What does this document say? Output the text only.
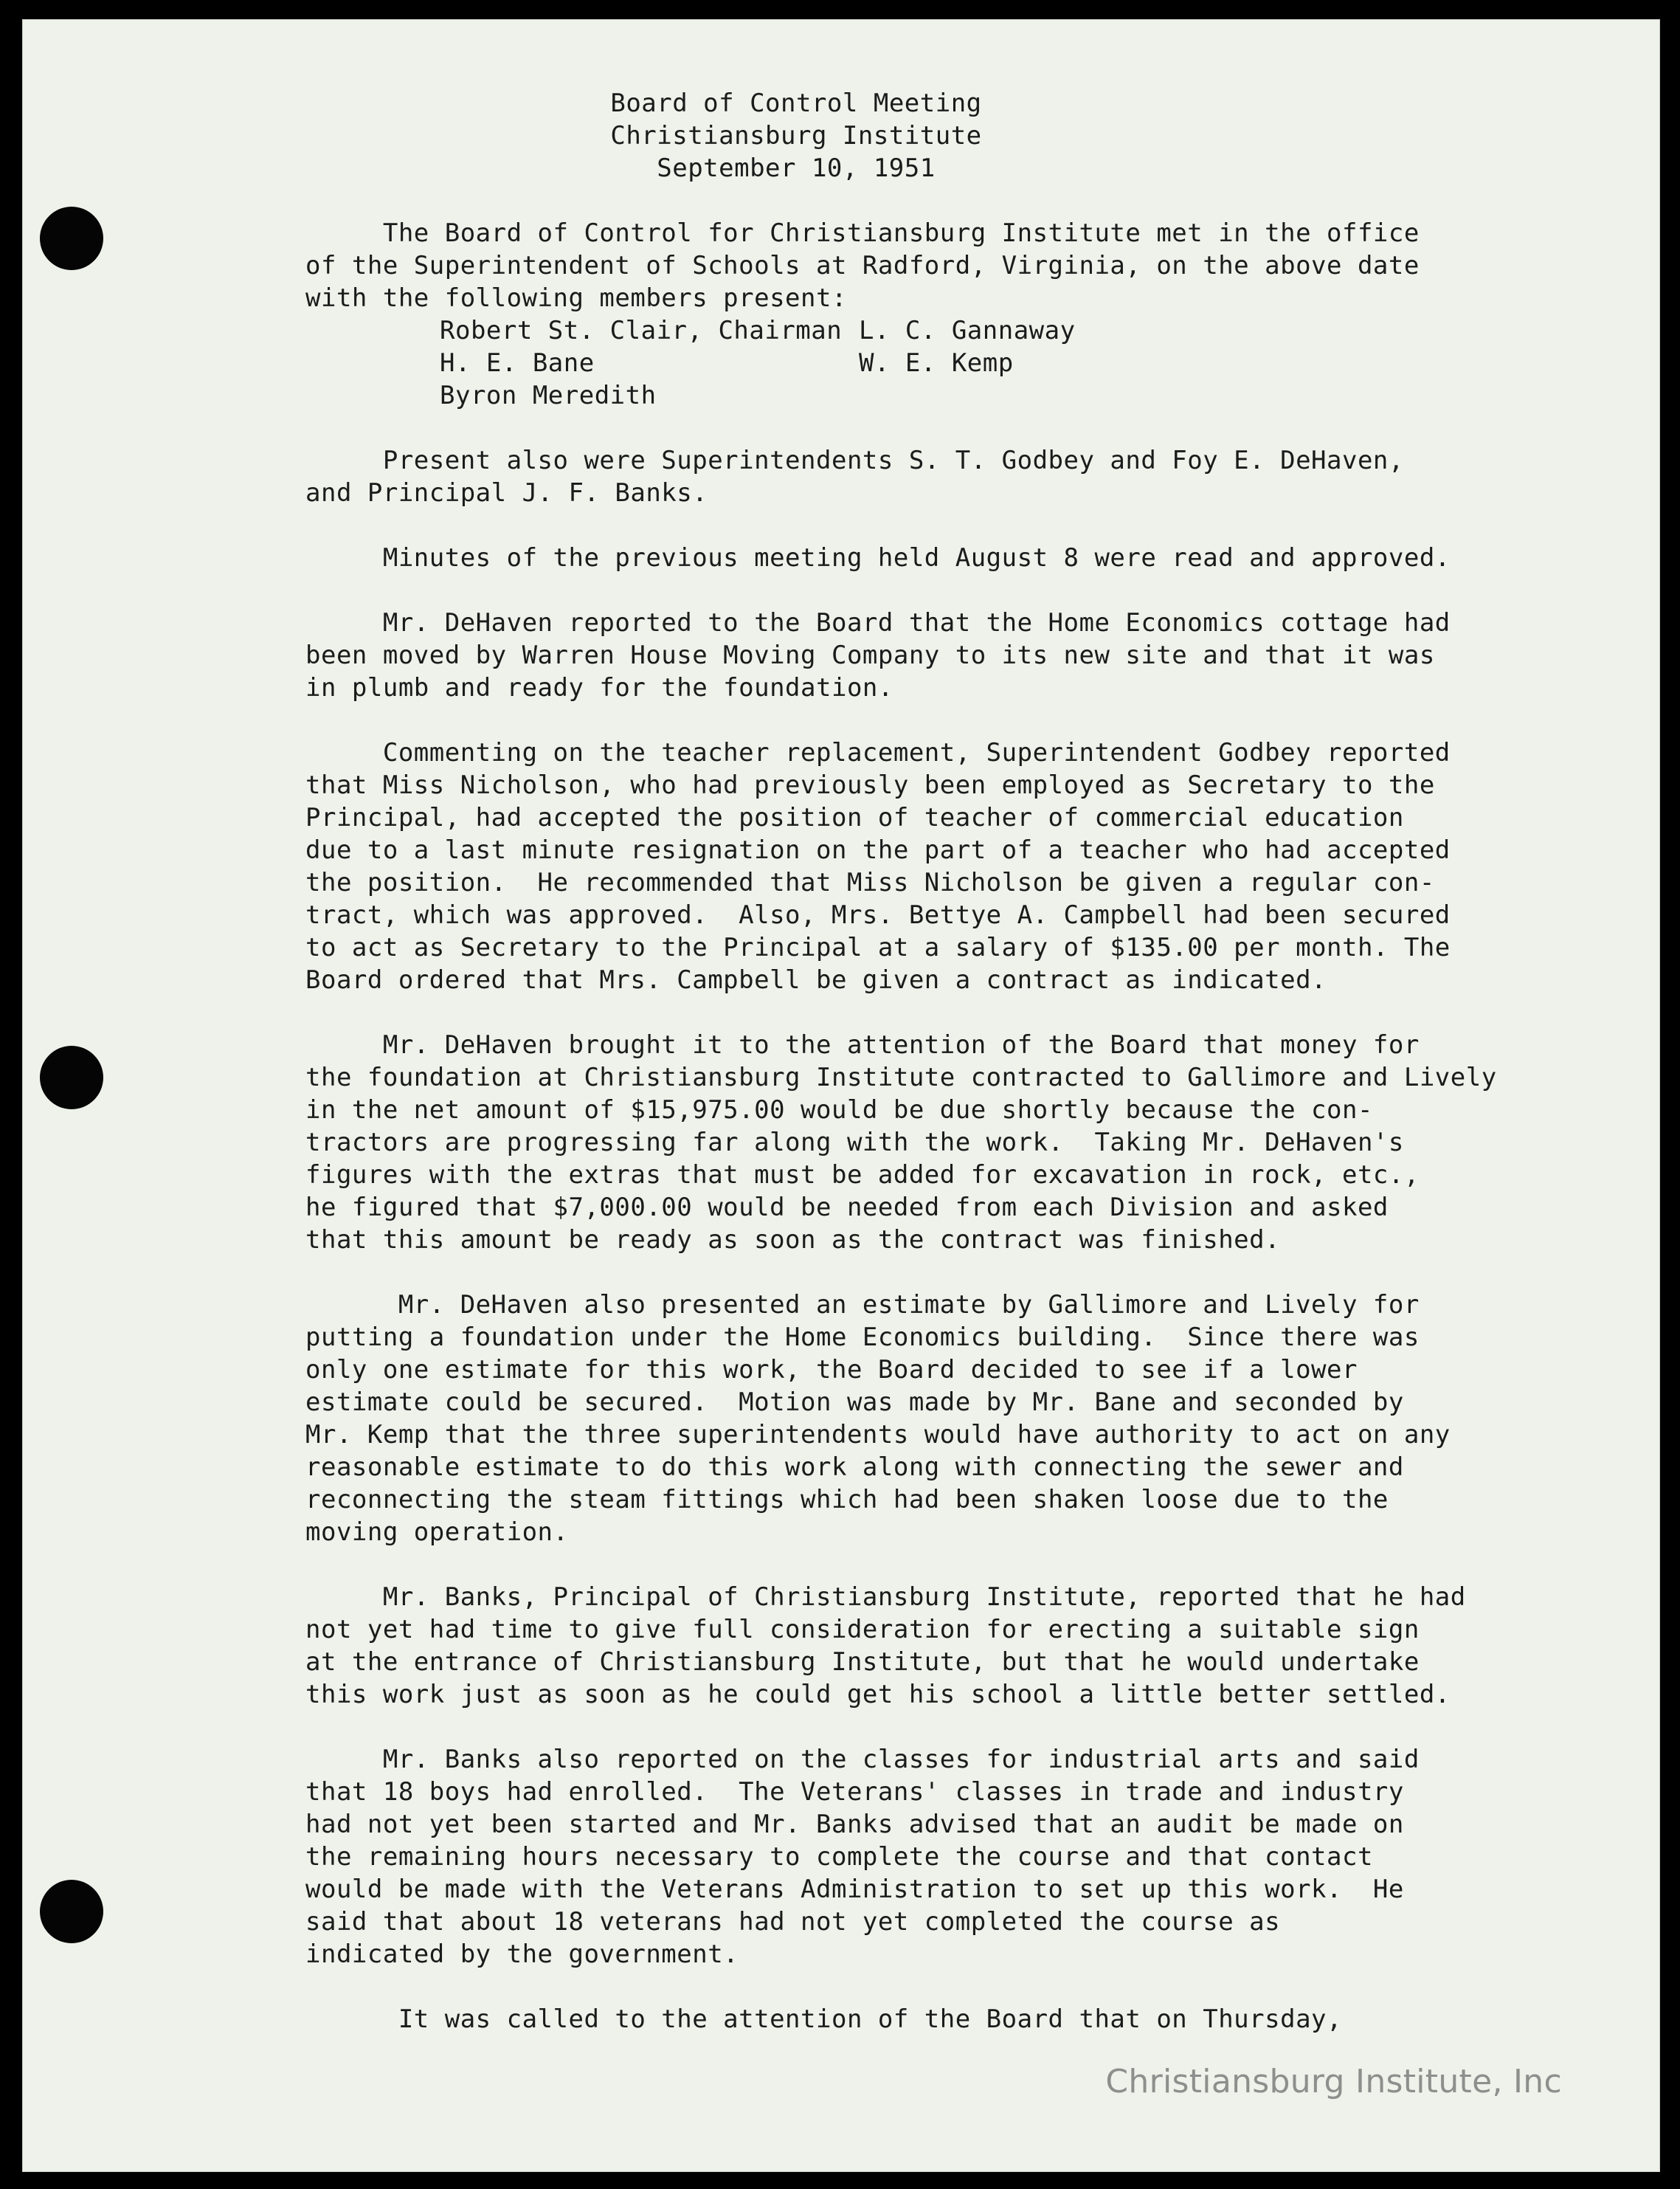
Board of Control Meeting
Christiansburg Institute
September 10, 1951
The Board of Control for Christiansburg Institute met in the office
of the Superintendent of Schools at Radford, Virginia, on the above date
with the following members present:
Robert St. Clair, Chairman L. C. Gannaway
H. E. Bane	W. E. Kemp
Byron Meredith
Present also were Superintendents S. T. Godbey and Foy E. DeHaven,
and Principal J. F. Banks.
Minutes of the previous meeting held August 8 were read and approved.
Mr. DeHaven reported to the Board that the Home Economics cottage had
been moved by Warren House Moving Company to its new site and that it was
in plumb and ready for the foundation.
Commenting on the teacher replacement, Superintendent Godbey reported
that Miss Nicholson, who had previously been employed as Secretary to the
Principal, had accepted the position of teacher of commercial education
due to a last minute resignation on the part of a teacher who had accepted
the position.  He recommended that Miss Nicholson be given a regular con-
tract, which was approved.  Also, Mrs. Bettye A. Campbell had been secured
to act as Secretary to the Principal at a salary of $135.00 per month. The
Board ordered that Mrs. Campbell be given a contract as indicated.
Mr. DeHaven brought it to the attention of the Board that money for
the foundation at Christiansburg Institute contracted to Gallimore and Lively
in the net amount of $15,975.00 would be due shortly because the con-
tractors are progressing far along with the work.  Taking Mr. DeHaven's
figures with the extras that must be added for excavation in rock, etc.,
he figured that $7,000.00 would be needed from each Division and asked
that this amount be ready as soon as the contract was finished.
Mr. DeHaven also presented an estimate by Gallimore and Lively for
putting a foundation under the Home Economics building.  Since there was
only one estimate for this work, the Board decided to see if a lower
estimate could be secured.  Motion was made by Mr. Bane and seconded by
Mr. Kemp that the three superintendents would have authority to act on any
reasonable estimate to do this work along with connecting the sewer and
reconnecting the steam fittings which had been shaken loose due to the
moving operation.
Mr. Banks, Principal of Christiansburg Institute, reported that he had
not yet had time to give full consideration for erecting a suitable sign
at the entrance of Christiansburg Institute, but that he would undertake
this work just as soon as he could get his school a little better settled.
Mr. Banks also reported on the classes for industrial arts and said
that 18 boys had enrolled.  The Veterans' classes in trade and industry
had not yet been started and Mr. Banks advised that an audit be made on
the remaining hours necessary to complete the course and that contact
would be made with the Veterans Administration to set up this work.  He
said that about 18 veterans had not yet completed the course as
indicated by the government.
It was called to the attention of the Board that on Thursday,
Christiansburg Institute, Inc
